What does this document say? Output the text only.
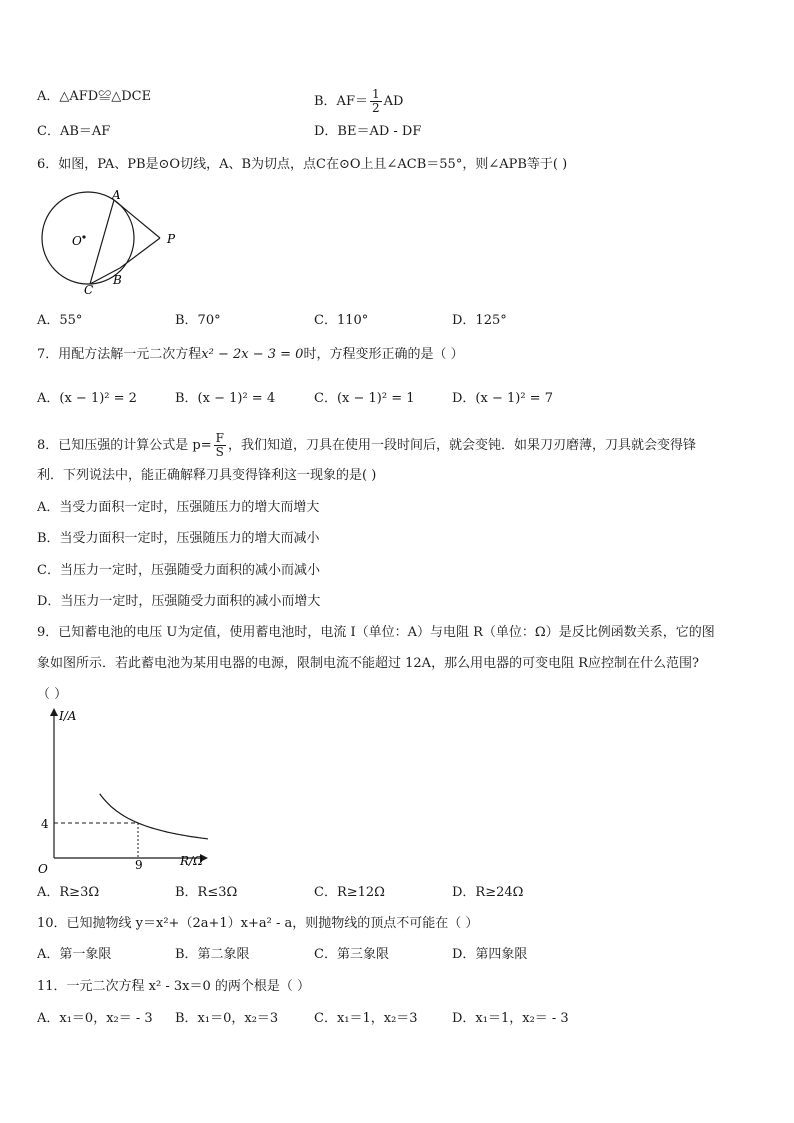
A．△AFD≌△DCE	B．$AF= \frac{1}{2}$ AD
C．AB＝AF	D．BE＝AD - DF
6．如图，PA、PB是⊙O切线，A、B为切点，点C在⊙O上且∠ACB＝55°，则∠APB等于( )
O
A
P
B
C
A．55°	B．70°	C．110°	D．125°
7．用配方法解一元二次方程x² − 2x − 3 = 0时，方程变形正确的是（ ）
A．(x − 1)² = 2	B．(x − 1)² = 4	C．(x − 1)² = 1	D．(x − 1)² = 7
8．已知压强的计算公式是 $p= \frac{F}{S}$ ，我们知道，刀具在使用一段时间后，就会变钝．如果刀刃磨薄，刀具就会变得锋
利．下列说法中，能正确解释刀具变得锋利这一现象的是( )
A．当受力面积一定时，压强随压力的增大而增大
B．当受力面积一定时，压强随压力的增大而减小
C．当压力一定时，压强随受力面积的减小而减小
D．当压力一定时，压强随受力面积的减小而增大
9．已知蓄电池的电压 U为定值，使用蓄电池时，电流 I（单位：A）与电阻 R（单位：Ω）是反比例函数关系，它的图
象如图所示．若此蓄电池为某用电器的电源，限制电流不能超过 12A，那么用电器的可变电阻 R应控制在什么范围?
（ ）
I/A
R/Ω
O
4
9
A．R≥3Ω	B．R≤3Ω	C．R≥12Ω	D．R≥24Ω
10．已知抛物线 y＝x²+（2a+1）x+a² - a，则抛物线的顶点不可能在（ ）
A．第一象限	B．第二象限	C．第三象限	D．第四象限
11．一元二次方程 x² - 3x＝0 的两个根是（ ）
A．x₁＝0，x₂＝ - 3 B．x₁＝0，x₂＝3	C．x₁＝1，x₂＝3	D．x₁＝1，x₂＝ - 3
